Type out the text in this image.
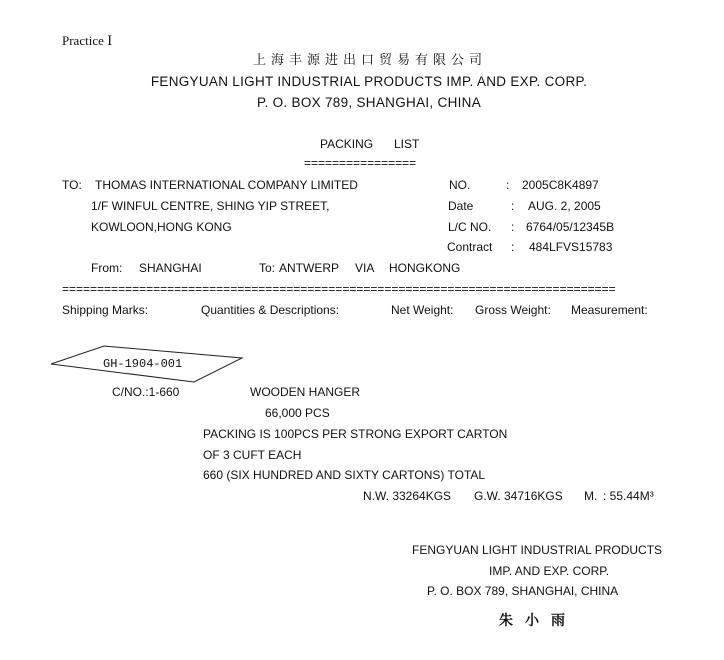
Practice Ⅰ
上海丰源进出口贸易有限公司
FENGYUAN LIGHT INDUSTRIAL PRODUCTS IMP. AND EXP. CORP.
P. O. BOX 789, SHANGHAI, CHINA
PACKING LIST
================
TO: THOMAS INTERNATIONAL COMPANY LIMITED
1/F WINFUL CENTRE, SHING YIP STREET,
KOWLOON,HONG KONG
NO.	: 2005C8K4897
Date	: AUG. 2, 2005
L/C NO. : 6764/05/12345B
Contract : 484LFVS15783
From: SHANGHAI	To: ANTWERP VIA HONGKONG
===============================================================================
Shipping Marks:	Quantities & Descriptions:	Net Weight: Gross Weight: Measurement:
GH-1904-001
C/NO.:1-660	WOODEN HANGER
66,000 PCS
PACKING IS 100PCS PER STRONG EXPORT CARTON
OF 3 CUFT EACH
660 (SIX HUNDRED AND SIXTY CARTONS) TOTAL
N.W. 33264KGS G.W. 34716KGS M. : 55.44M³
FENGYUAN LIGHT INDUSTRIAL PRODUCTS
IMP. AND EXP. CORP.
P. O. BOX 789, SHANGHAI, CHINA
朱小雨
